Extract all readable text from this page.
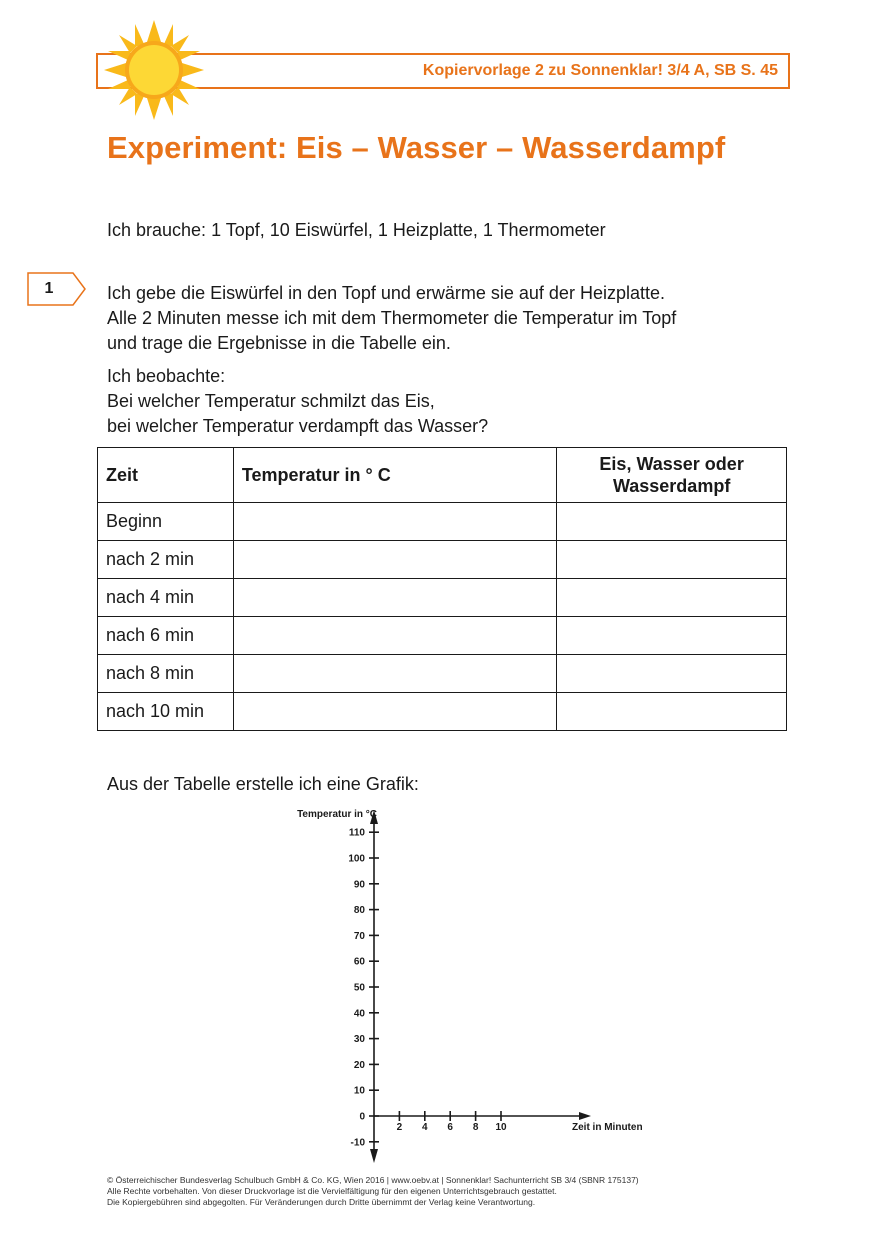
Kopiervorlage 2 zu Sonnenklar! 3/4 A, SB S. 45
Experiment: Eis – Wasser – Wasserdampf
Ich brauche: 1 Topf, 10 Eiswürfel, 1 Heizplatte, 1 Thermometer
1	Ich gebe die Eiswürfel in den Topf und erwärme sie auf der Heizplatte.
Alle 2 Minuten messe ich mit dem Thermometer die Temperatur im Topf
und trage die Ergebnisse in die Tabelle ein.
Ich beobachte:
Bei welcher Temperatur schmilzt das Eis,
bei welcher Temperatur verdampft das Wasser?
Zeit	Temperatur in ° C	Eis, Wasser oder
Wasserdampf

Beginn		
nach 2 min		
nach 4 min		
nach 6 min		
nach 8 min		
nach 10 min		
Aus der Tabelle erstelle ich eine Grafik:
-10
0
10
20
30
40
50
60
70
80
90
100
110
2 4 6 8 10
Temperatur in °C
Zeit in Minuten
© Österreichischer Bundesverlag Schulbuch GmbH & Co. KG, Wien 2016 | www.oebv.at | Sonnenklar! Sachunterricht SB 3/4 (SBNR 175137)
Alle Rechte vorbehalten. Von dieser Druckvorlage ist die Vervielfältigung für den eigenen Unterrichtsgebrauch gestattet.
Die Kopiergebühren sind abgegolten. Für Veränderungen durch Dritte übernimmt der Verlag keine Verantwortung.
